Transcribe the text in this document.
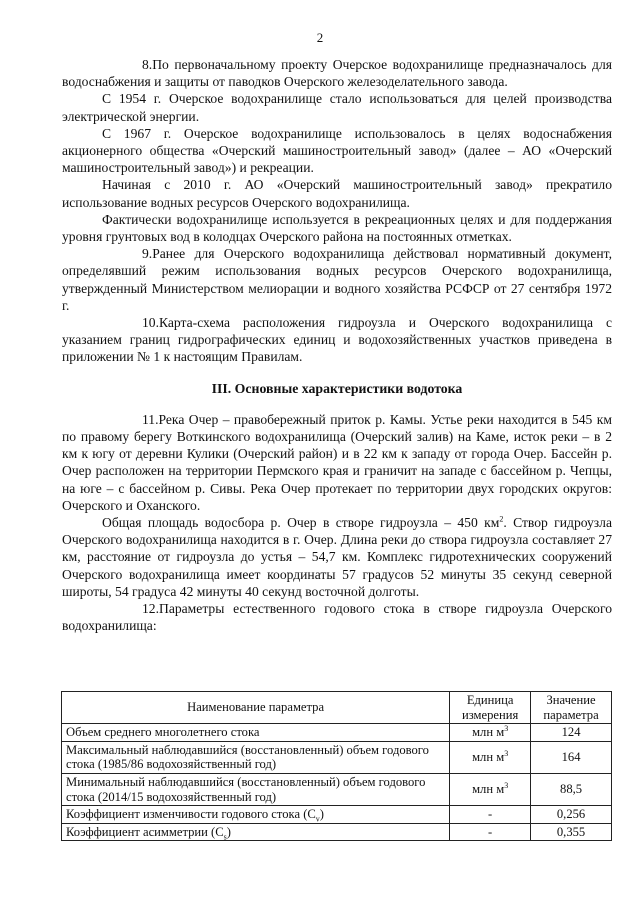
2

8.По первоначальному проекту Очерское водохранилище предназначалось для водоснабжения и защиты от паводков Очерского железоделательного завода.

С 1954 г. Очерское водохранилище стало использоваться для целей производства электрической энергии.

С 1967 г. Очерское водохранилище использовалось в целях водоснабжения акционерного общества «Очерский машиностроительный завод» (далее – АО «Очерский машиностроительный завод») и рекреации.

Начиная с 2010 г. АО «Очерский машиностроительный завод» прекратило использование водных ресурсов Очерского водохранилища.

Фактически водохранилище используется в рекреационных целях и для поддержания уровня грунтовых вод в колодцах Очерского района на постоянных отметках.

9.Ранее для Очерского водохранилища действовал нормативный документ, определявший режим использования водных ресурсов Очерского водохранилища, утвержденный Министерством мелиорации и водного хозяйства РСФСР от 27 сентября 1972 г.

10.Карта-схема расположения гидроузла и Очерского водохранилища с указанием границ гидрографических единиц и водохозяйственных участков приведена в приложении № 1 к настоящим Правилам.

III. Основные характеристики водотока

11.Река Очер – правобережный приток р. Камы. Устье реки находится в 545 км по правому берегу Воткинского водохранилища (Очерский залив) на Каме, исток реки – в 2 км к югу от деревни Кулики (Очерский район) и в 22 км к западу от города Очер. Бассейн р. Очер расположен на территории Пермского края и граничит на западе с бассейном р. Чепцы, на юге – с бассейном р. Сивы. Река Очер протекает по территории двух городских округов: Очерского и Оханского.

Общая площадь водосбора р. Очер в створе гидроузла – 450 $км^2$. Створ гидроузла Очерского водохранилища находится в г. Очер. Длина реки до створа гидроузла составляет 27 км, расстояние от гидроузла до устья – 54,7 км. Комплекс гидротехнических сооружений Очерского водохранилища имеет координаты 57 градусов 52 минуты 35 секунд северной широты, 54 градуса 42 минуты 40 секунд восточной долготы.

12.Параметры естественного годового стока в створе гидроузла Очерского водохранилища:

Наименование параметра	Единица измерения	Значение параметра
Объем среднего многолетнего стока	млн $м^3$	124
Максимальный наблюдавшийся (восстановленный) объем годового стока (1985/86 водохозяйственный год)	млн $м^3$	164
Минимальный наблюдавшийся (восстановленный) объем годового стока (2014/15 водохозяйственный год)	млн $м^3$	88,5
Коэффициент изменчивости годового стока $(C_v)$	-	0,256
Коэффициент асимметрии $(C_s)$	-	0,355
